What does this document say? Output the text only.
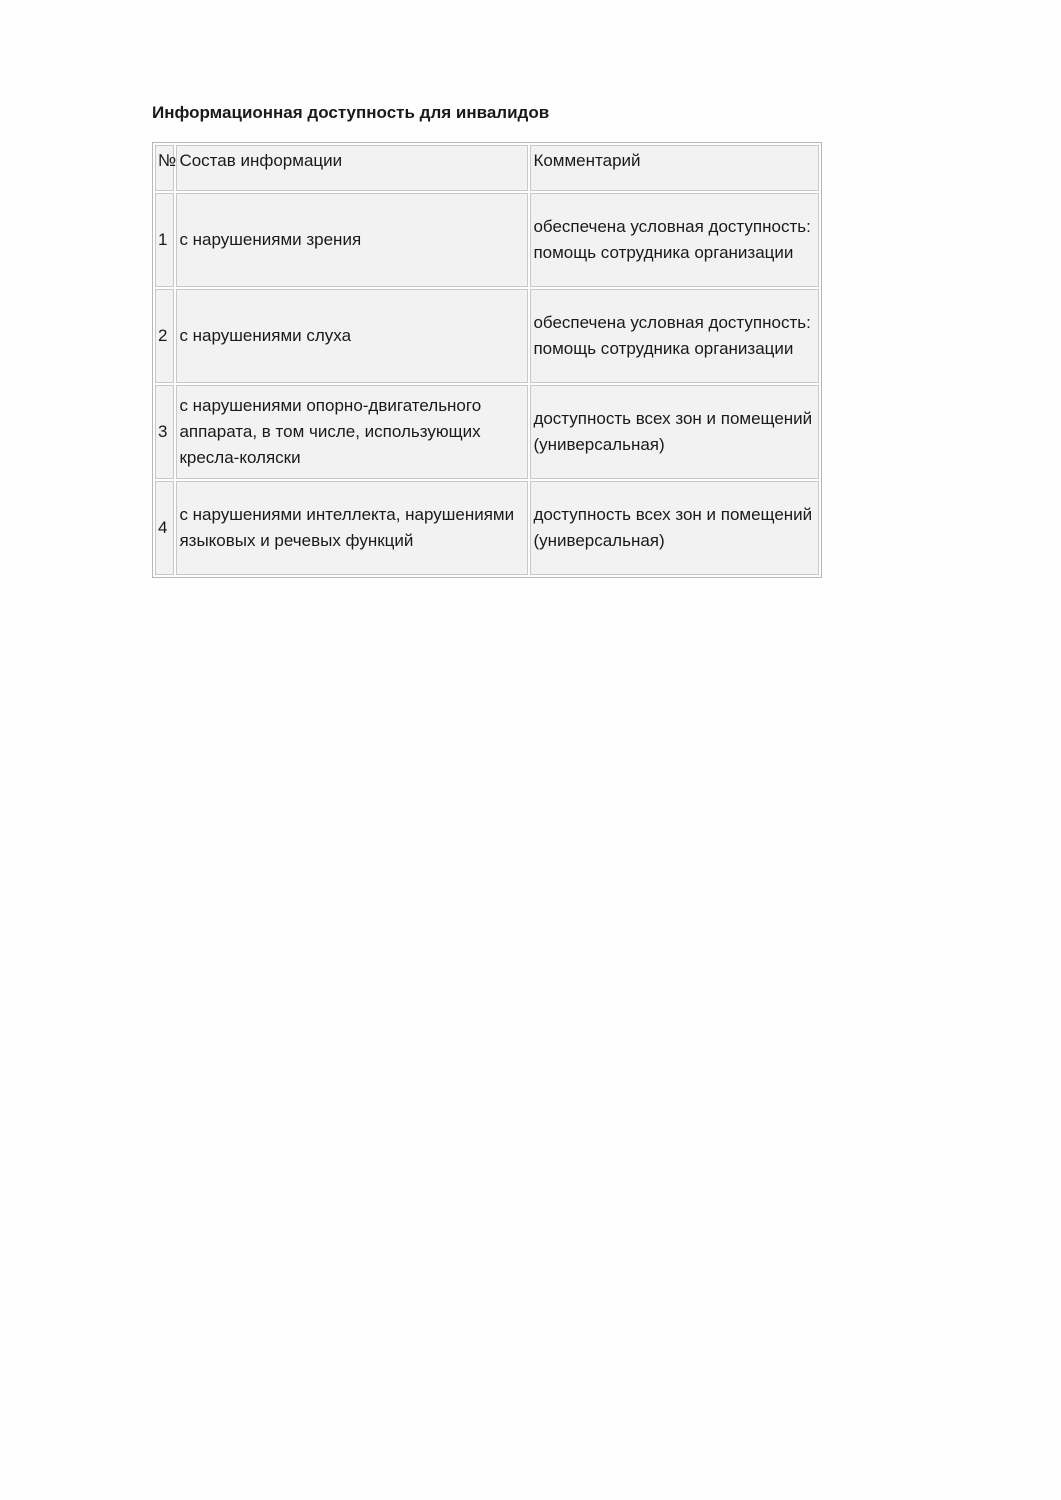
Информационная доступность для инвалидов
№	Состав информации	Комментарий
1	с нарушениями зрения	обеспечена условная доступность: помощь сотрудника организации
2	с нарушениями слуха	обеспечена условная доступность: помощь сотрудника организации
3	с нарушениями опорно-двигательного аппарата, в том числе, использующих кресла-коляски	доступность всех зон и помещений (универсальная)
4	с нарушениями интеллекта, нарушениями языковых и речевых функций	доступность всех зон и помещений (универсальная)
